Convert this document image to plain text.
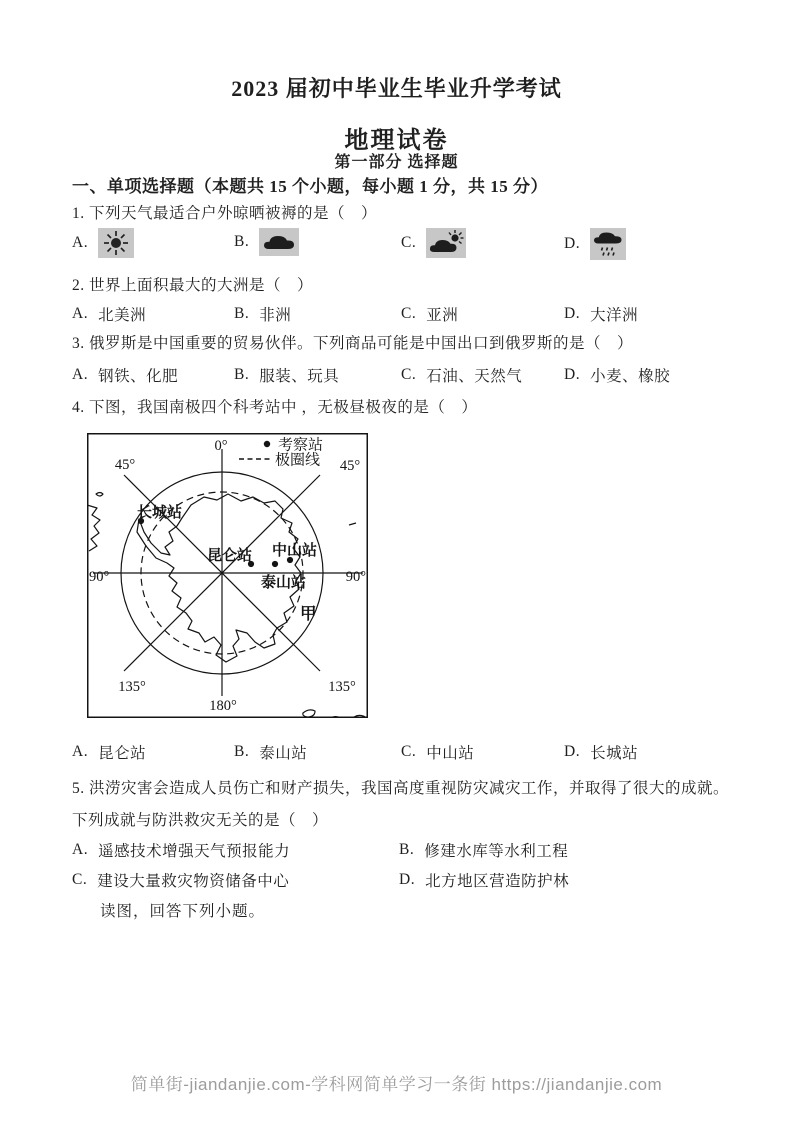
2023 届初中毕业生毕业升学考试
地理试卷
第一部分 选择题
一、单项选择题（本题共 15 个小题，每小题 1 分，共 15 分）
1. 下列天气最适合户外晾晒被褥的是（　）
A.	B.	C.	D.
2. 世界上面积最大的大洲是（　）
A. 北美洲	B. 非洲	C. 亚洲	D. 大洋洲
3. 俄罗斯是中国重要的贸易伙伴。下列商品可能是中国出口到俄罗斯的是（　）
A. 钢铁、化肥	B. 服装、玩具	C. 石油、天然气	D. 小麦、橡胶
4. 下图，我国南极四个科考站中 ，无极昼极夜的是（　）
考察站
极圈线
0°
45°	45°
90°	90°
135°	135°
180°
长城站
昆仑站 中山站
泰山站
甲
A. 昆仑站	B. 泰山站	C. 中山站	D. 长城站
5. 洪涝灾害会造成人员伤亡和财产损失，我国高度重视防灾减灾工作，并取得了很大的成就。下列成就与防洪救灾无关的是（　）
A. 遥感技术增强天气预报能力	B. 修建水库等水利工程
C. 建设大量救灾物资储备中心	D. 北方地区营造防护林
读图，回答下列小题。
简单街-jiandanjie.com-学科网简单学习一条街 https://jiandanjie.com
